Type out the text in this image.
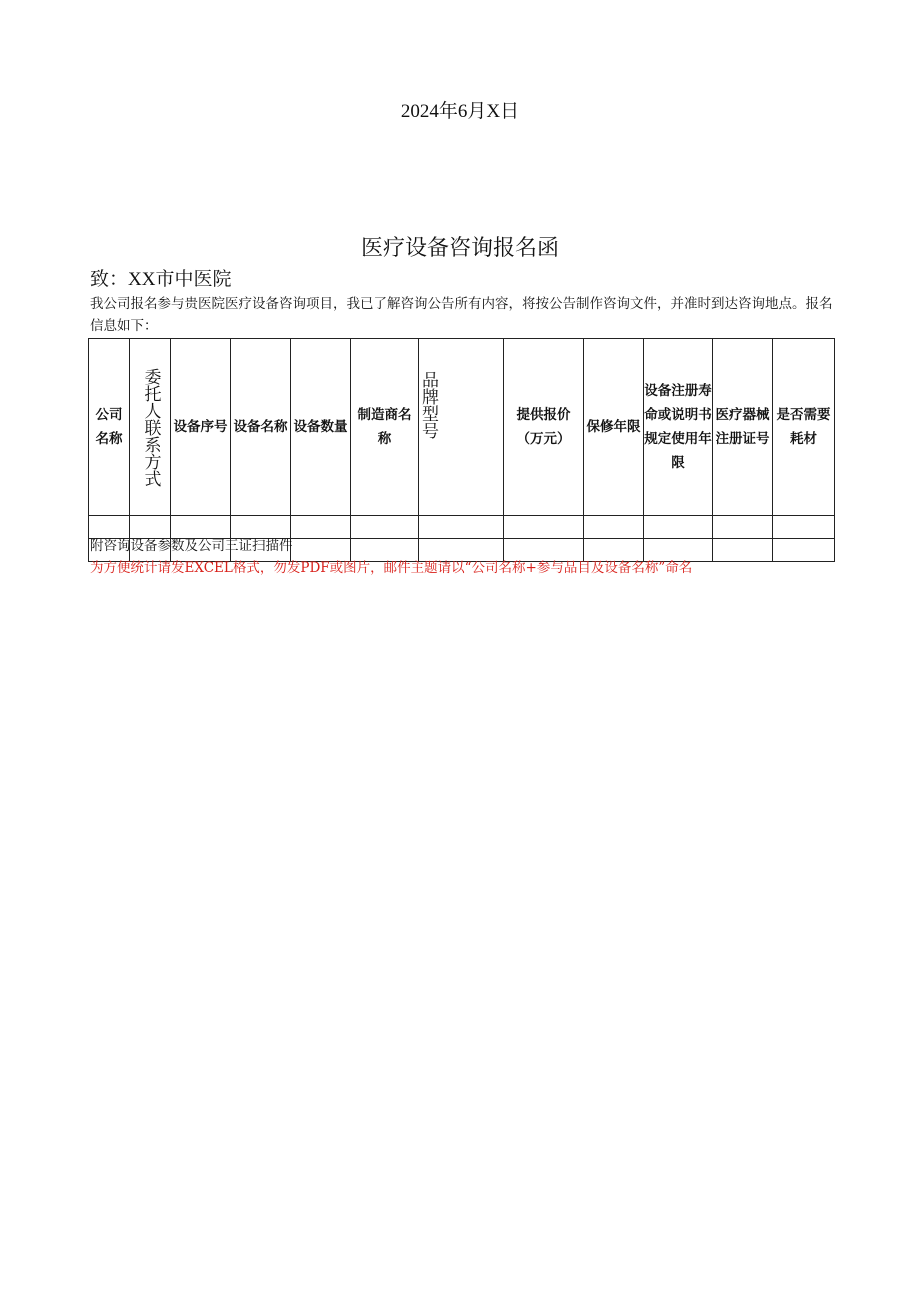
2024年6月X日
医疗设备咨询报名函
致：XX市中医院
我公司报名参与贵医院医疗设备咨询项目，我已了解咨询公告所有内容，将按公告制作咨询文件，并准时到达咨询地点。报名信息如下：
公司名称	委托人联系方式	设备序号	设备名称	设备数量	制造商名称	品牌型号	提供报价（万元）	保修年限	设备注册寿命或说明书规定使用年限	医疗器械注册证号	是否需要耗材

附咨询设备参数及公司三证扫描件
为方便统计请发EXCEL格式，勿发PDF或图片，邮件主题请以“公司名称+参与品目及设备名称”命名
